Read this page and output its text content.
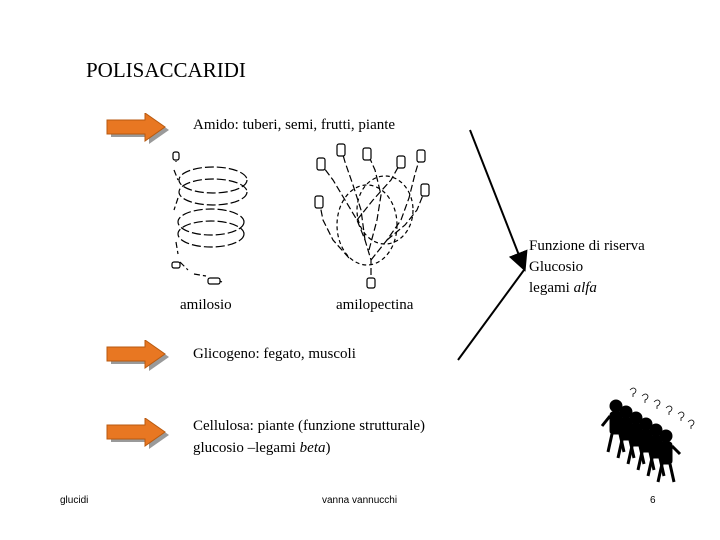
POLISACCARIDI
Amido: tuberi, semi, frutti, piante
amilosio	amilopectina
Funzione di riserva
Glucosio
legami alfa
Glicogeno: fegato, muscoli
Cellulosa: piante (funzione strutturale)
glucosio –legami beta)
glucidi	vanna vannucchi	6
